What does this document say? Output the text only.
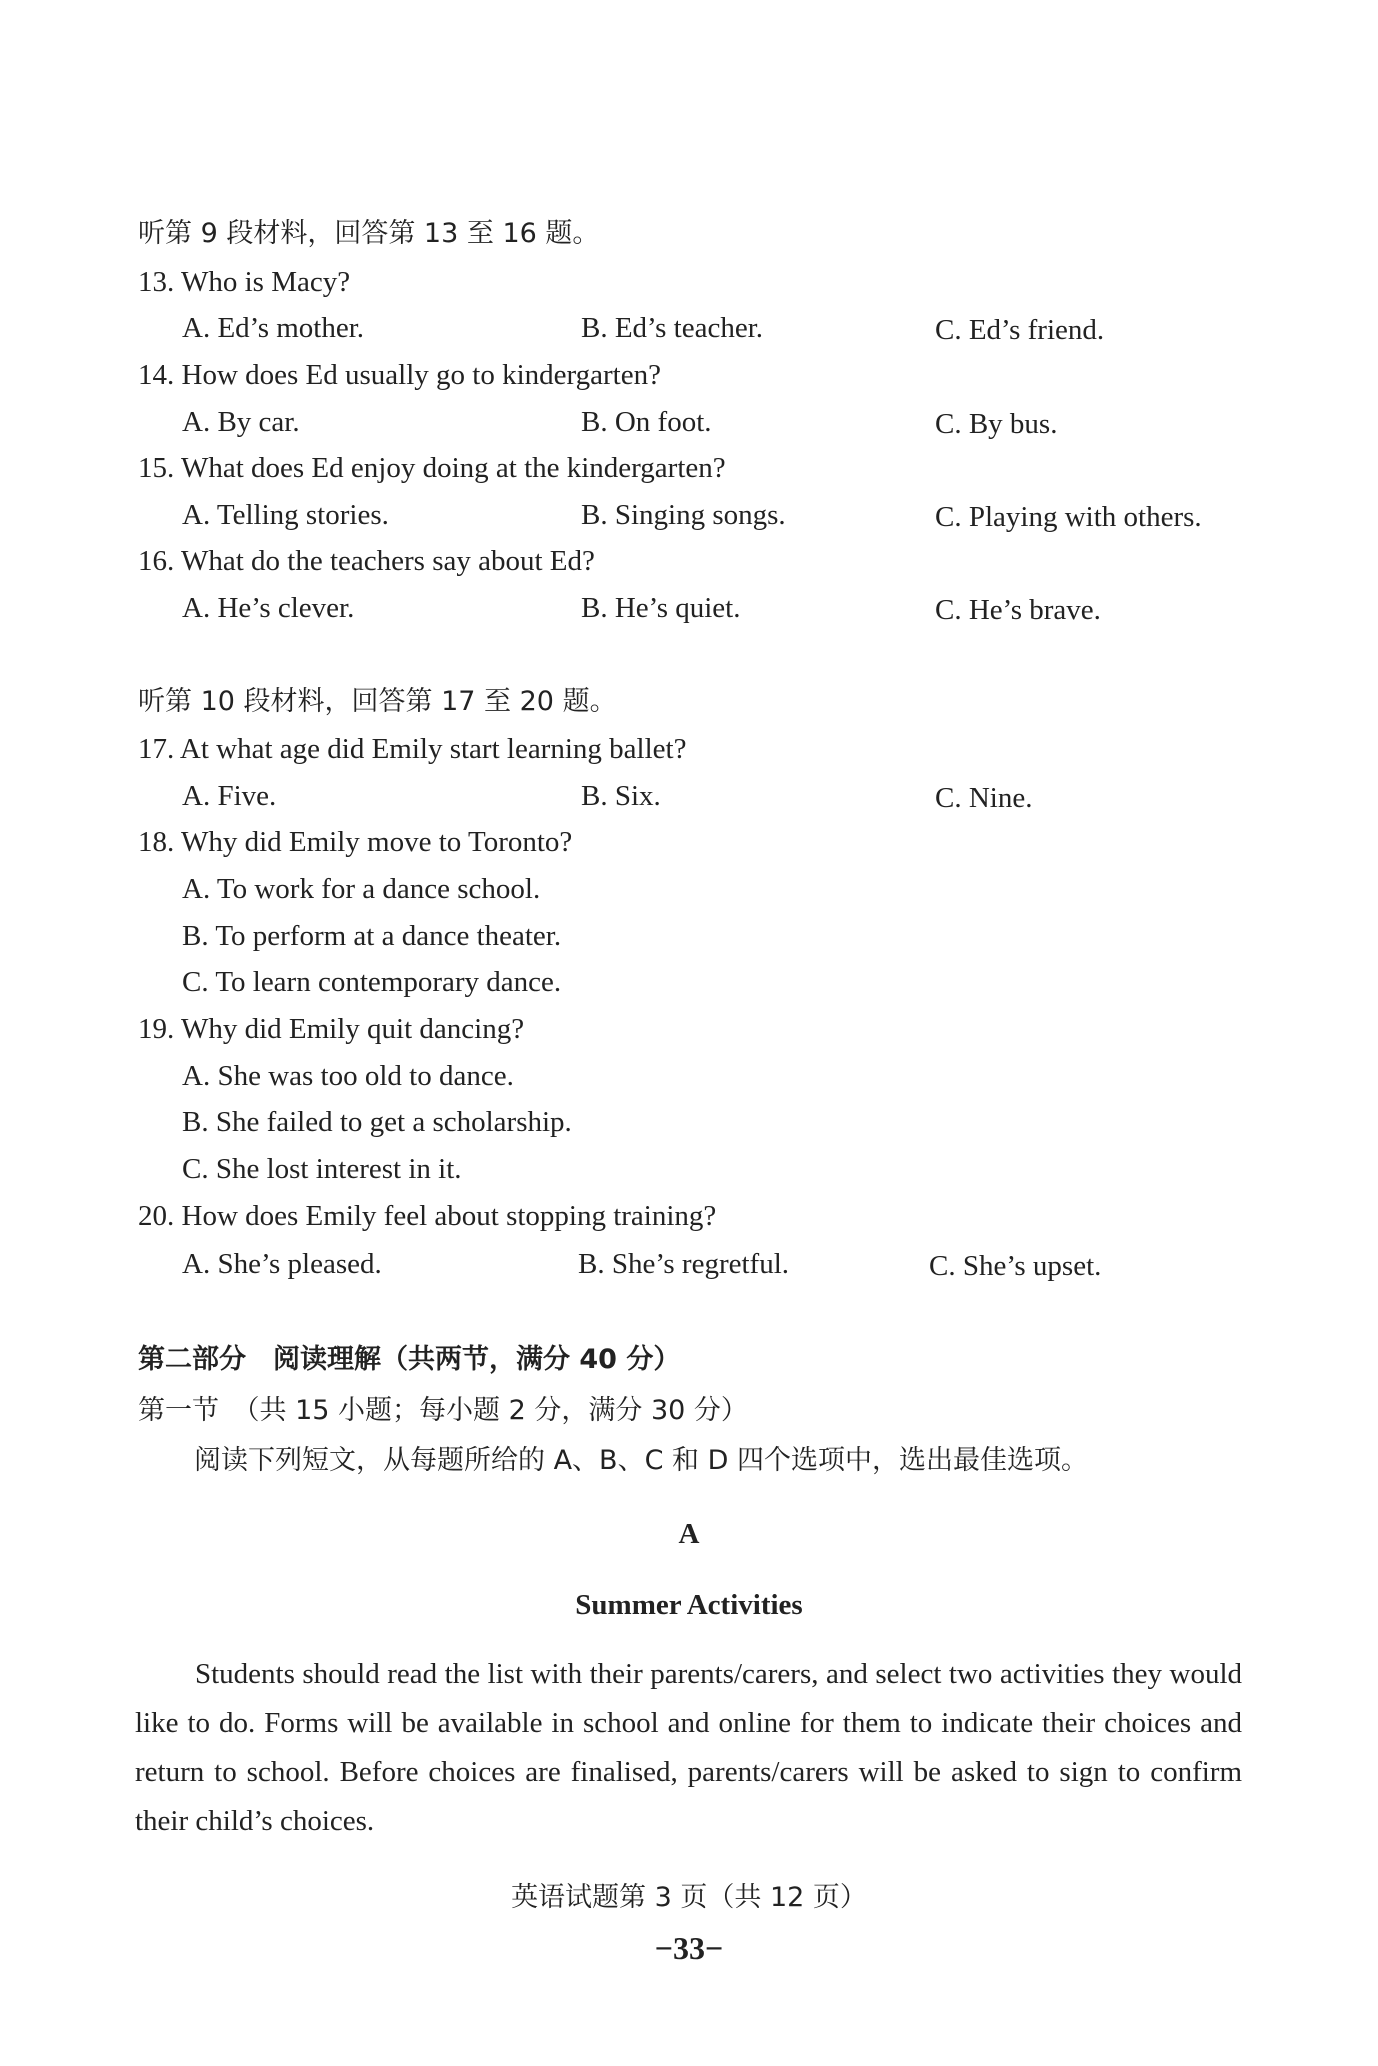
听第 9 段材料，回答第 13 至 16 题。
13. Who is Macy?
A. Ed’s mother.	B. Ed’s teacher.	C. Ed’s friend.
14. How does Ed usually go to kindergarten?
A. By car.	B. On foot.	C. By bus.
15. What does Ed enjoy doing at the kindergarten?
A. Telling stories.	B. Singing songs.	C. Playing with others.
16. What do the teachers say about Ed?
A. He’s clever.	B. He’s quiet.	C. He’s brave.
听第 10 段材料，回答第 17 至 20 题。
17. At what age did Emily start learning ballet?
A. Five.	B. Six.	C. Nine.
18. Why did Emily move to Toronto?
A. To work for a dance school.
B. To perform at a dance theater.
C. To learn contemporary dance.
19. Why did Emily quit dancing?
A. She was too old to dance.
B. She failed to get a scholarship.
C. She lost interest in it.
20. How does Emily feel about stopping training?
A. She’s pleased.	B. She’s regretful.	C. She’s upset.
第二部分　阅读理解（共两节，满分 40 分）
第一节　（共 15 小题；每小题 2 分，满分 30 分）
阅读下列短文，从每题所给的 A、B、C 和 D 四个选项中，选出最佳选项。
A
Summer Activities

Students should read the list with their parents/carers, and select two activities they would like to do. Forms will be available in school and online for them to indicate their choices and return to school. Before choices are finalised, parents/carers will be asked to sign to confirm their child’s choices.

英语试题第 3 页（共 12 页）
−33−
